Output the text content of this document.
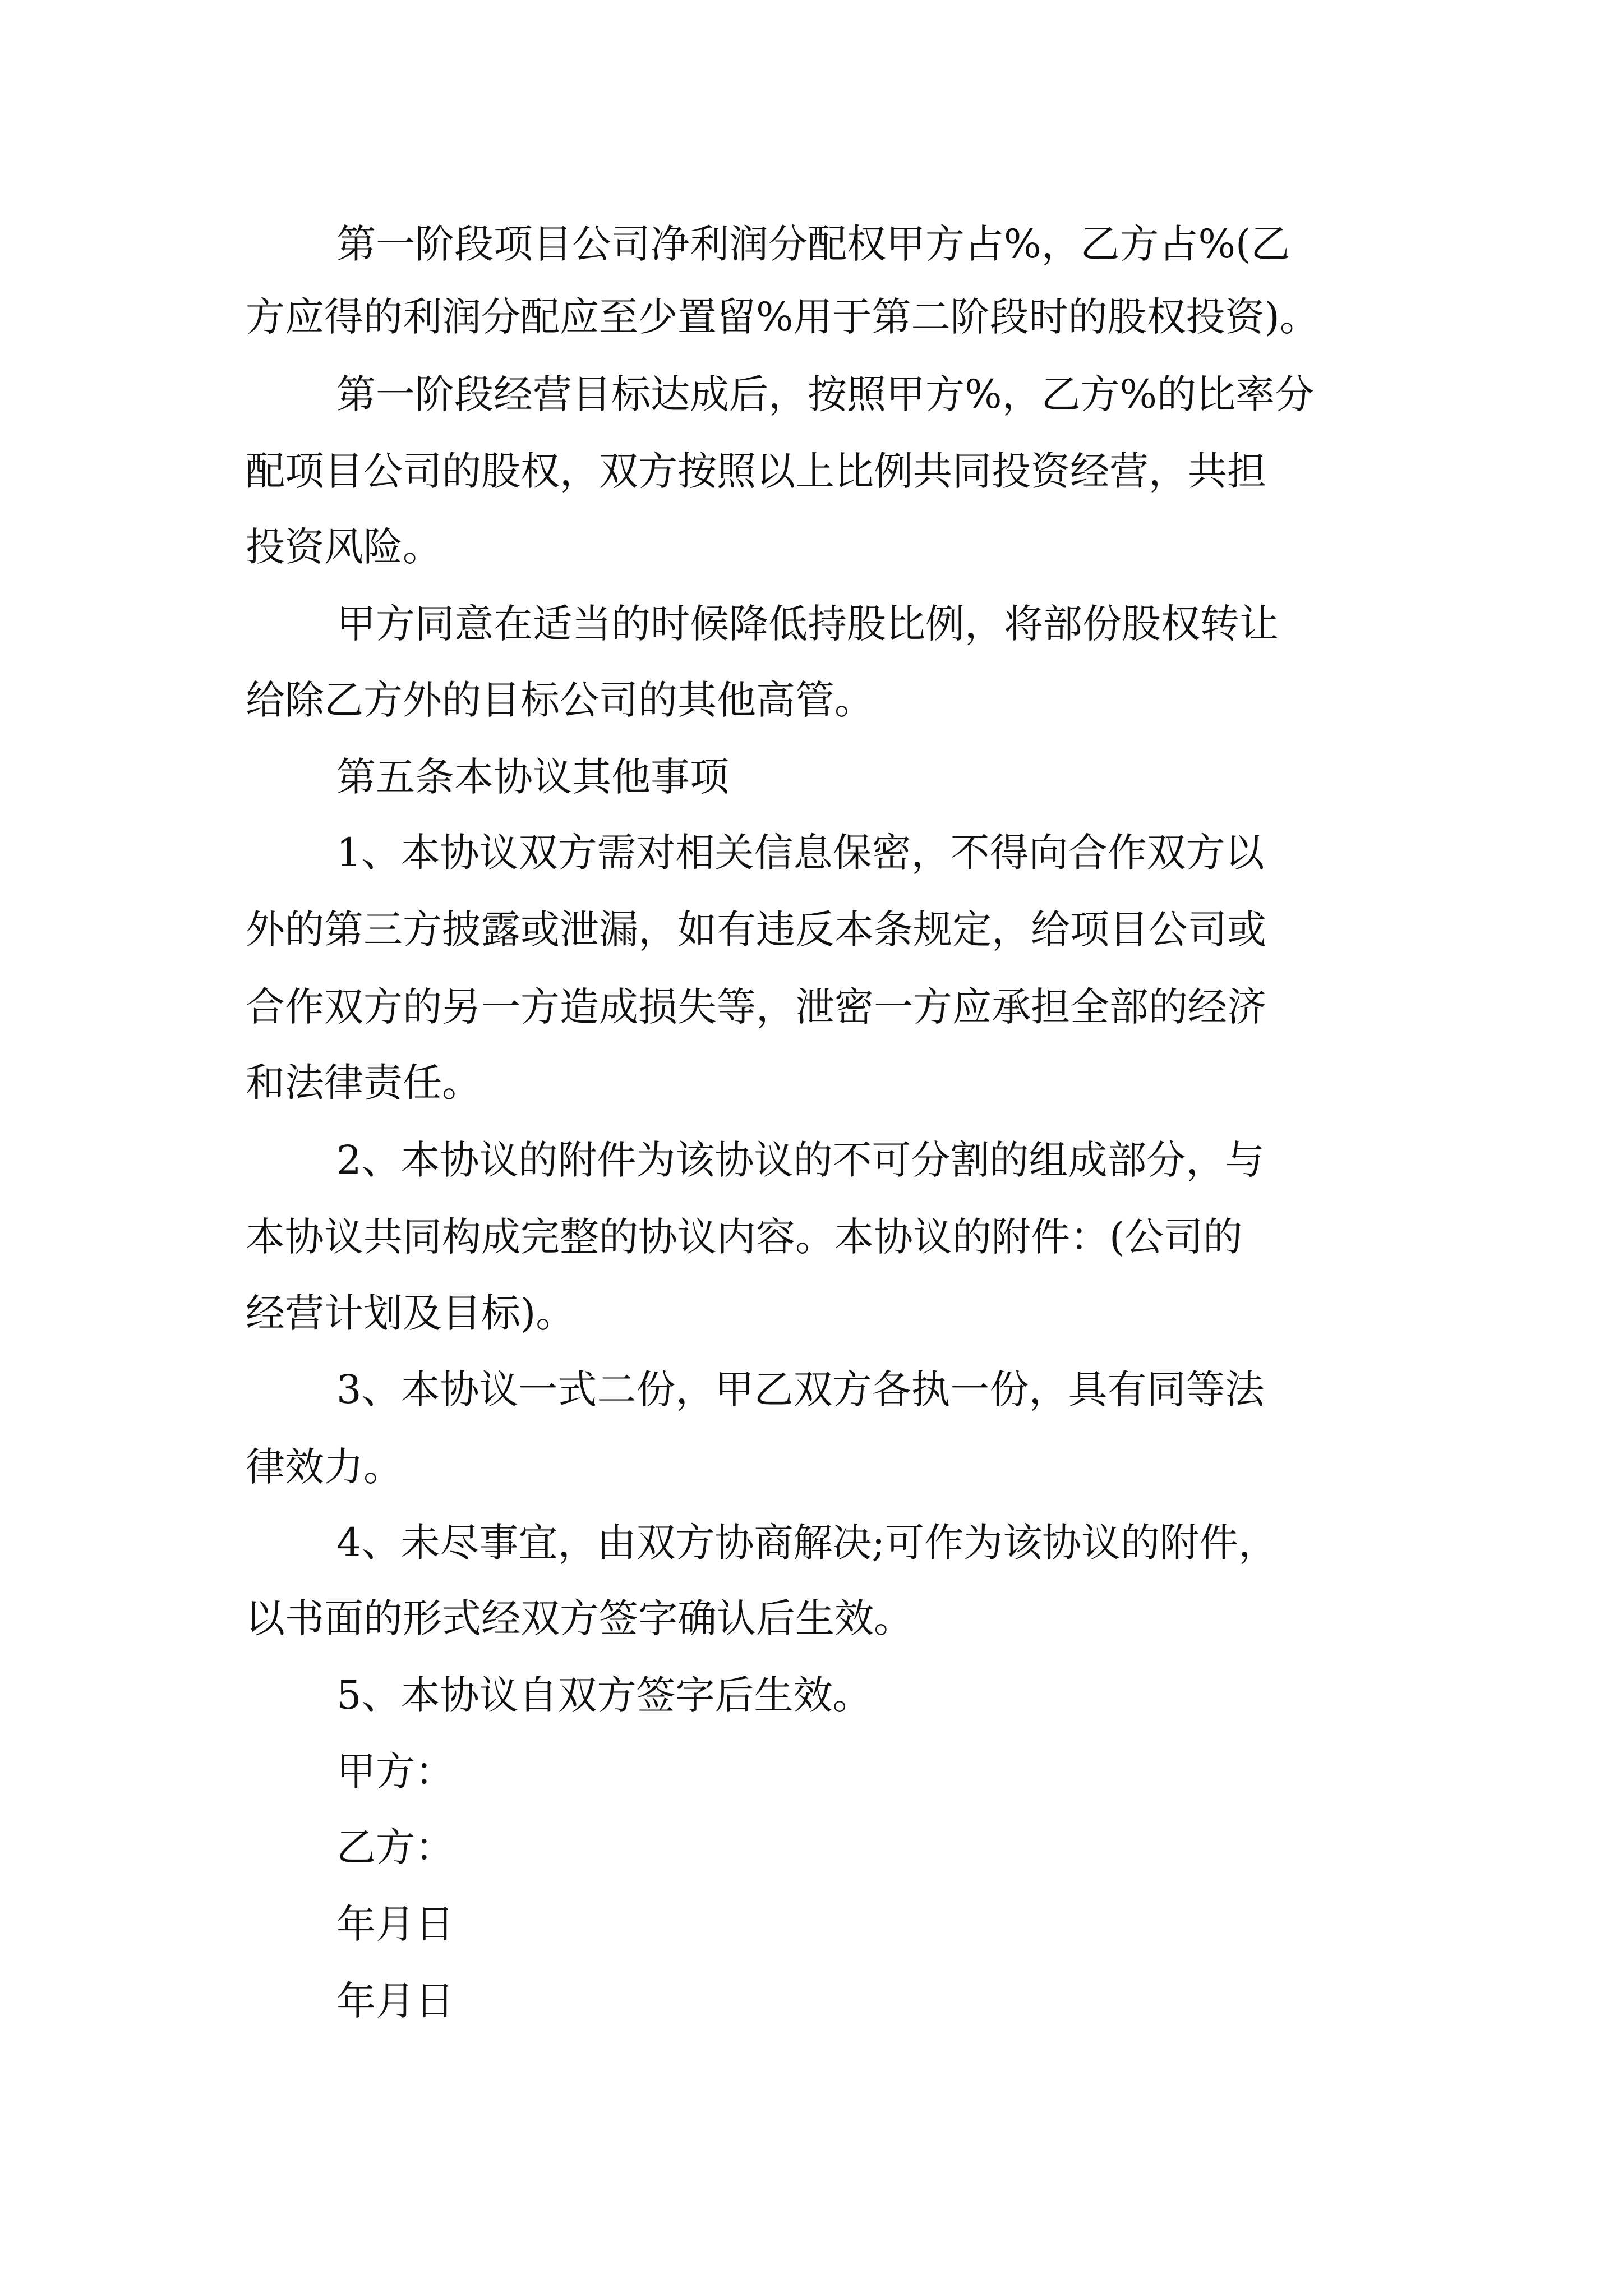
第一阶段项目公司净利润分配权甲方占%，乙方占%(乙

方应得的利润分配应至少置留%用于第二阶段时的股权投资)。

第一阶段经营目标达成后，按照甲方%，乙方%的比率分

配项目公司的股权，双方按照以上比例共同投资经营，共担

投资风险。

甲方同意在适当的时候降低持股比例，将部份股权转让

给除乙方外的目标公司的其他高管。

第五条本协议其他事项

1、本协议双方需对相关信息保密，不得向合作双方以

外的第三方披露或泄漏，如有违反本条规定，给项目公司或

合作双方的另一方造成损失等，泄密一方应承担全部的经济

和法律责任。

2、本协议的附件为该协议的不可分割的组成部分，与

本协议共同构成完整的协议内容。本协议的附件：(公司的

经营计划及目标)。

3、本协议一式二份，甲乙双方各执一份，具有同等法

律效力。

4、未尽事宜，由双方协商解决;可作为该协议的附件，

以书面的形式经双方签字确认后生效。

5、本协议自双方签字后生效。

甲方：

乙方：

年月日

年月日
